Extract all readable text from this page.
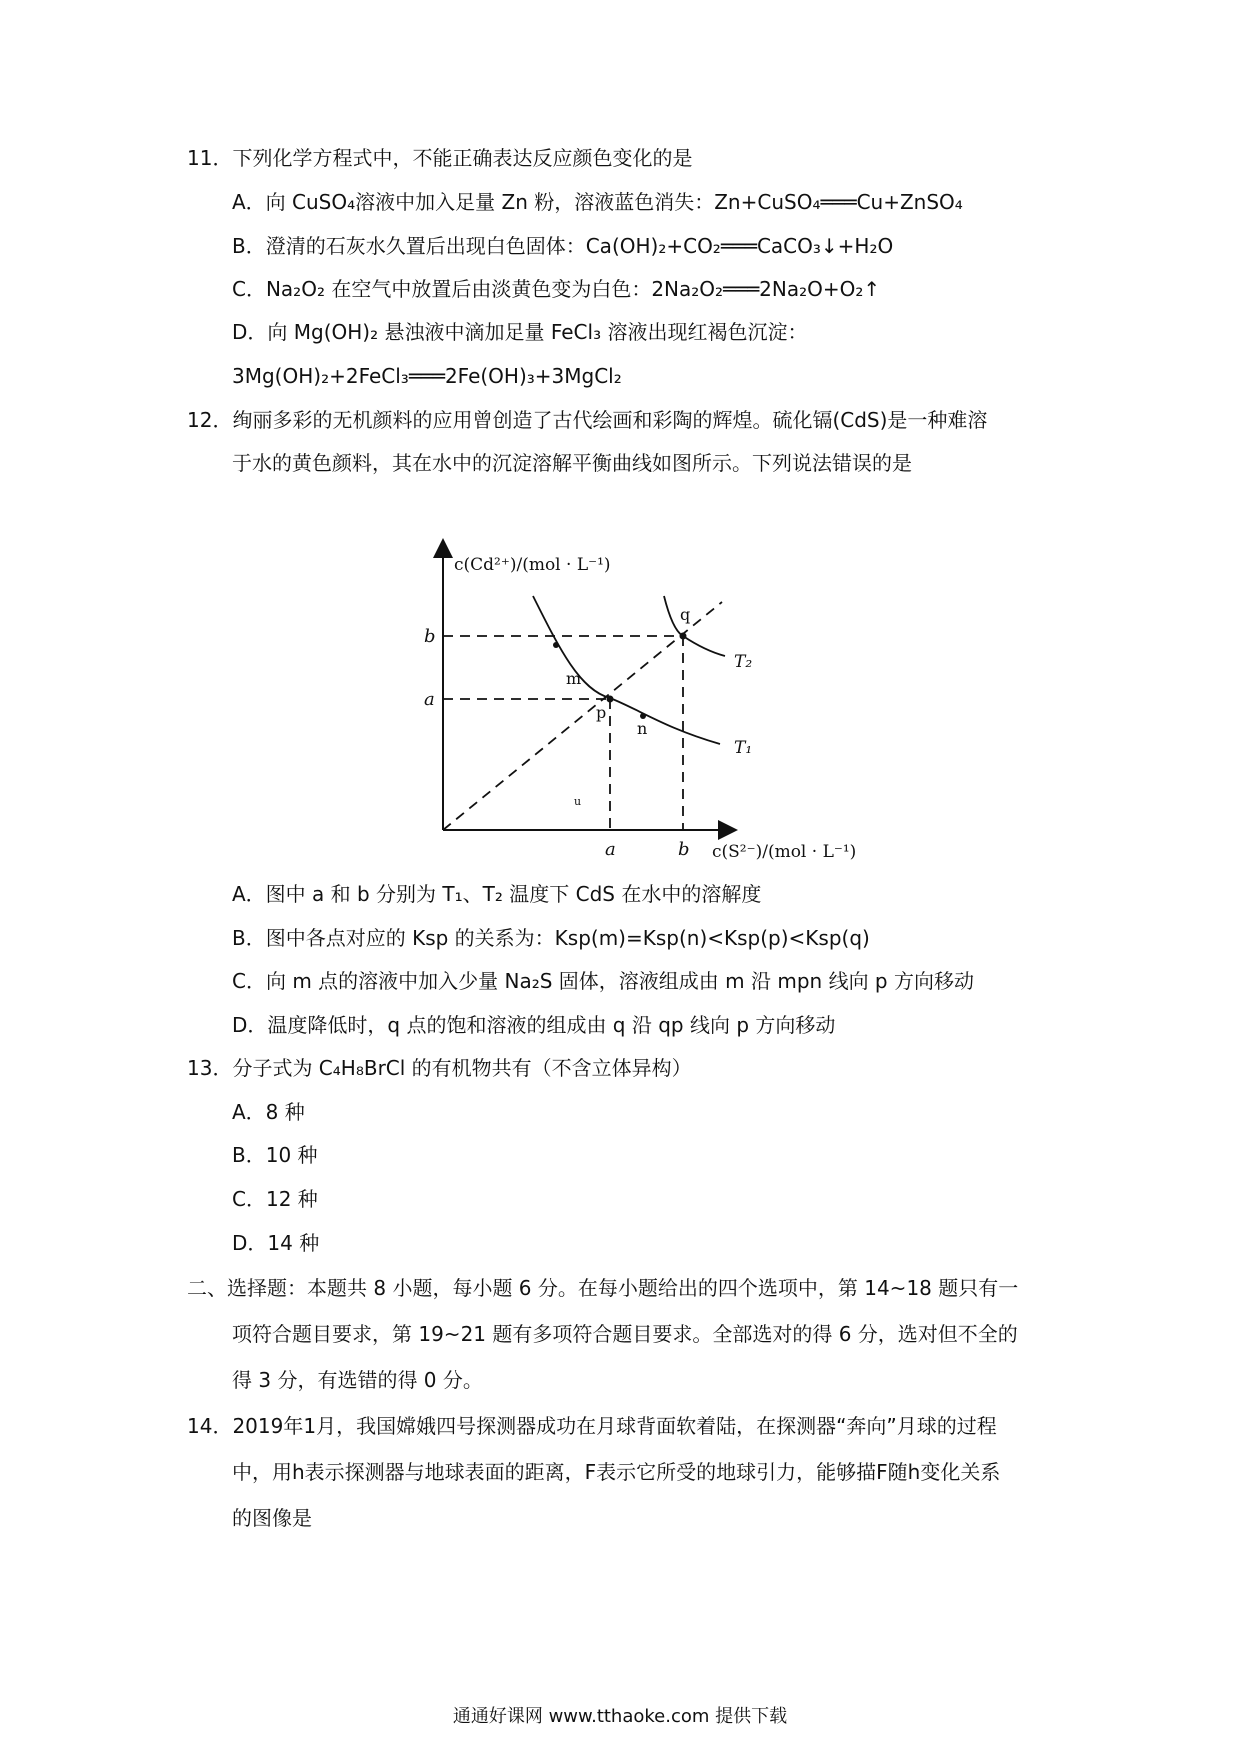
11．下列化学方程式中，不能正确表达反应颜色变化的是
A．向 CuSO₄溶液中加入足量 Zn 粉，溶液蓝色消失：Zn+CuSO₄═══Cu+ZnSO₄
B．澄清的石灰水久置后出现白色固体：Ca(OH)₂+CO₂═══CaCO₃↓+H₂O
C．Na₂O₂ 在空气中放置后由淡黄色变为白色：2Na₂O₂═══2Na₂O+O₂↑
D．向 Mg(OH)₂ 悬浊液中滴加足量 FeCl₃ 溶液出现红褐色沉淀：
3Mg(OH)₂+2FeCl₃═══2Fe(OH)₃+3MgCl₂
12．绚丽多彩的无机颜料的应用曾创造了古代绘画和彩陶的辉煌。硫化镉(CdS)是一种难溶
于水的黄色颜料，其在水中的沉淀溶解平衡曲线如图所示。下列说法错误的是
c(Cd²⁺)/(mol · L⁻¹)
c(S²⁻)/(mol · L⁻¹)
b
a
a	b
m
p
n
q
T₂
T₁
u
A．图中 a 和 b 分别为 T₁、T₂ 温度下 CdS 在水中的溶解度
B．图中各点对应的 Ksp 的关系为：Ksp(m)=Ksp(n)<Ksp(p)<Ksp(q)
C．向 m 点的溶液中加入少量 Na₂S 固体，溶液组成由 m 沿 mpn 线向 p 方向移动
D．温度降低时，q 点的饱和溶液的组成由 q 沿 qp 线向 p 方向移动
13．分子式为 C₄H₈BrCl 的有机物共有（不含立体异构）
A．8 种
B．10 种
C．12 种
D．14 种
二、选择题：本题共 8 小题，每小题 6 分。在每小题给出的四个选项中，第 14~18 题只有一
项符合题目要求，第 19~21 题有多项符合题目要求。全部选对的得 6 分，选对但不全的
得 3 分，有选错的得 0 分。
14．2019年1月，我国嫦娥四号探测器成功在月球背面软着陆，在探测器“奔向”月球的过程
中，用h表示探测器与地球表面的距离，F表示它所受的地球引力，能够描F随h变化关系
的图像是
通通好课网 www.tthaoke.com 提供下载
